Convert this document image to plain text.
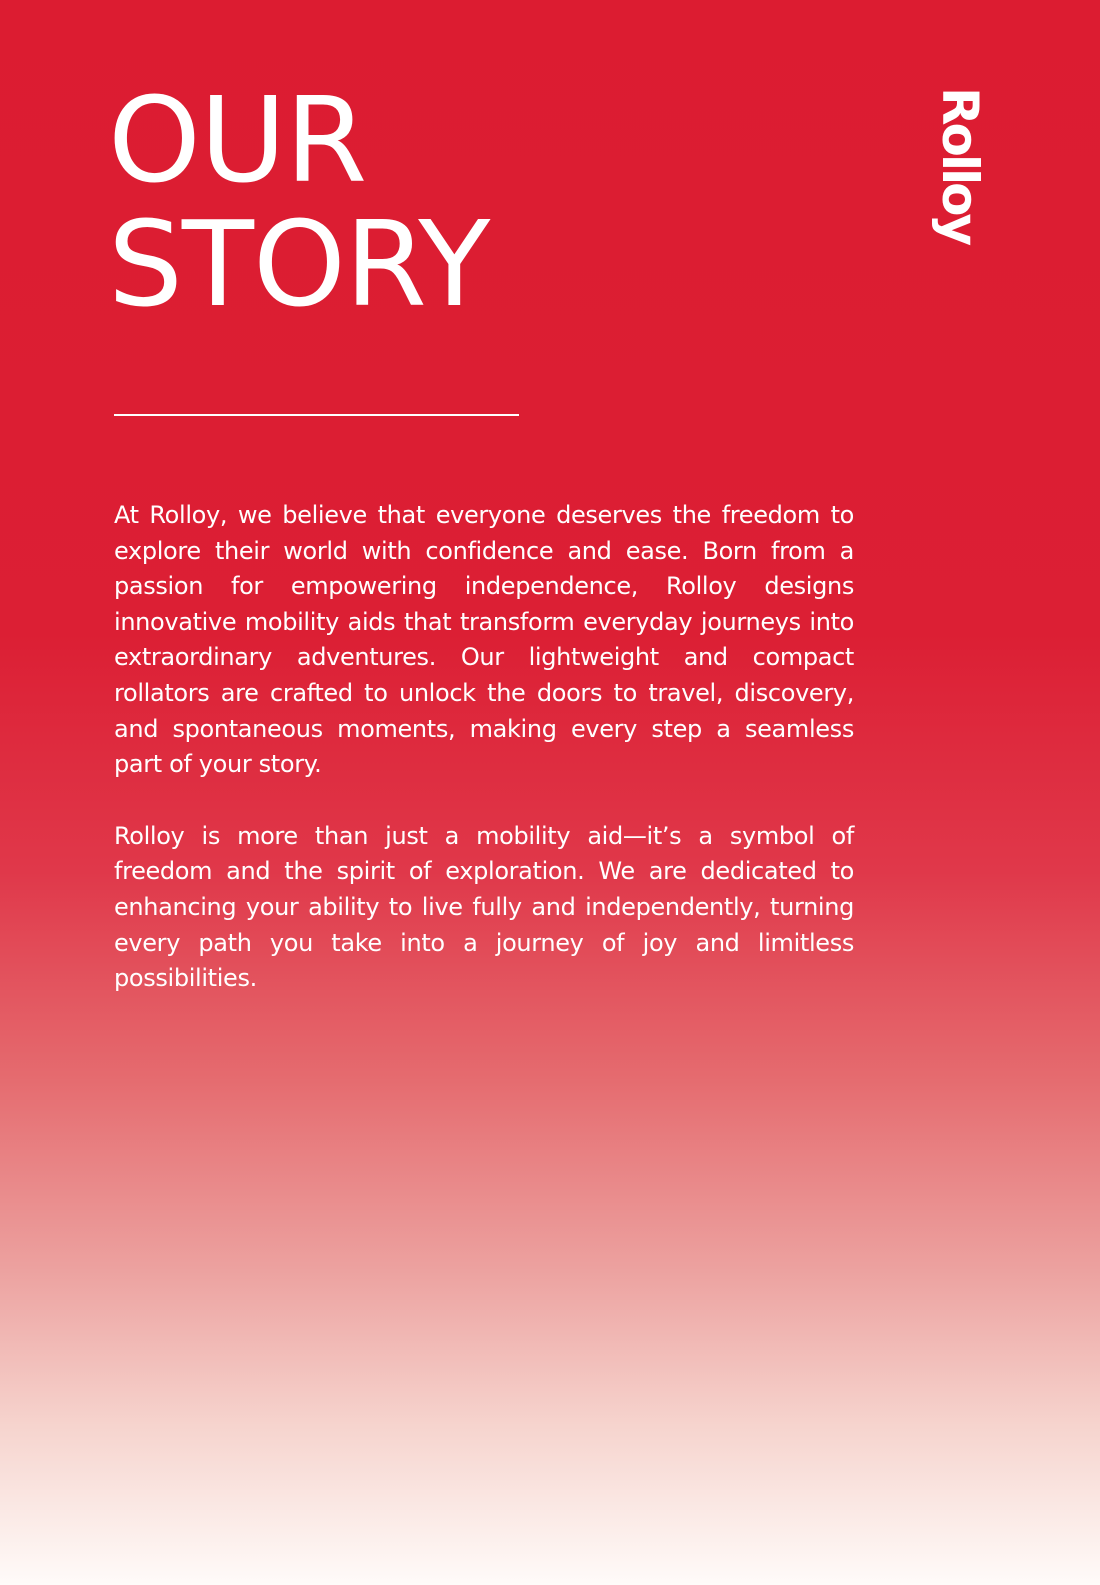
OUR
STORY
Rolloy

At Rolloy, we believe that everyone deserves the freedom to explore their world with confidence and ease. Born from a passion for empowering independence, Rolloy designs innovative mobility aids that transform everyday journeys into extraordinary adventures. Our lightweight and compact rollators are crafted to unlock the doors to travel, discovery, and spontaneous moments, making every step a seamless part of your story.

Rolloy is more than just a mobility aid—it’s a symbol of freedom and the spirit of exploration. We are dedicated to enhancing your ability to live fully and independently, turning every path you take into a journey of joy and limitless possibilities.
